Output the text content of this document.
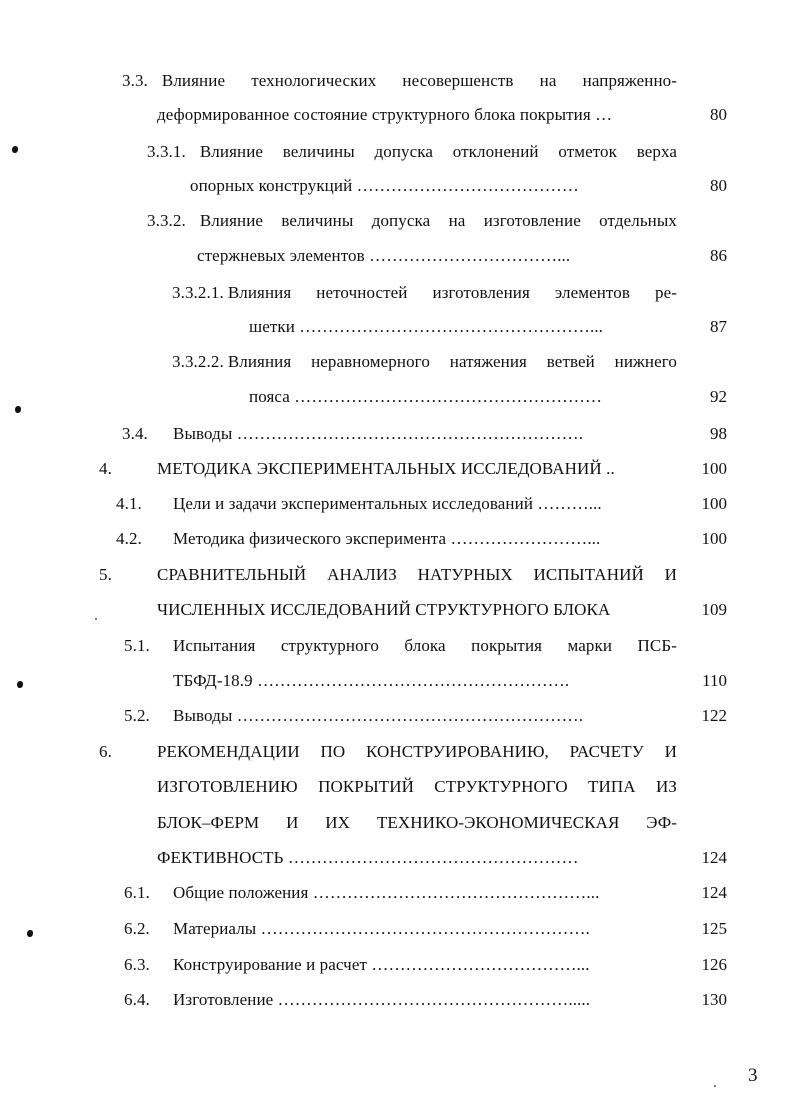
3.3. Влияние технологических несовершенств на напряженно-
деформированное состояние структурного блока покрытия …	80
3.3.1. Влияние величины допуска отклонений отметок верха
опорных конструкций …………………………………	80
3.3.2. Влияние величины допуска на изготовление отдельных
стержневых элементов ……………………………...	86
3.3.2.1. Влияния неточностей изготовления элементов ре-
шетки ……………………………………………...	87
3.3.2.2. Влияния неравномерного натяжения ветвей нижнего
пояса ………………………………………………	92
3.4. Выводы …………………………………………………….	98
4.	МЕТОДИКА ЭКСПЕРИМЕНТАЛЬНЫХ ИССЛЕДОВАНИЙ ..	100
4.1. Цели и задачи экспериментальных исследований ………...	100
4.2. Методика физического эксперимента ……………………...	100
5.	СРАВНИТЕЛЬНЫЙ АНАЛИЗ НАТУРНЫХ ИСПЫТАНИЙ И
ЧИСЛЕННЫХ ИССЛЕДОВАНИЙ СТРУКТУРНОГО БЛОКА	109
5.1. Испытания структурного блока покрытия марки ПСБ-
ТБФД-18.9 ……………………………………………….	110
5.2. Выводы …………………………………………………….	122
6.	РЕКОМЕНДАЦИИ ПО КОНСТРУИРОВАНИЮ, РАСЧЕТУ И
ИЗГОТОВЛЕНИЮ ПОКРЫТИЙ СТРУКТУРНОГО ТИПА ИЗ
БЛОК–ФЕРМ И ИХ ТЕХНИКО-ЭКОНОМИЧЕСКАЯ ЭФ-
ФЕКТИВНОСТЬ ……………………………………………	124
6.1. Общие положения …………………………………………...	124
6.2. Материалы ………………………………………………….	125
6.3. Конструирование и расчет ………………………………...	126
6.4. Изготовление …………………………………………….....	130
3
